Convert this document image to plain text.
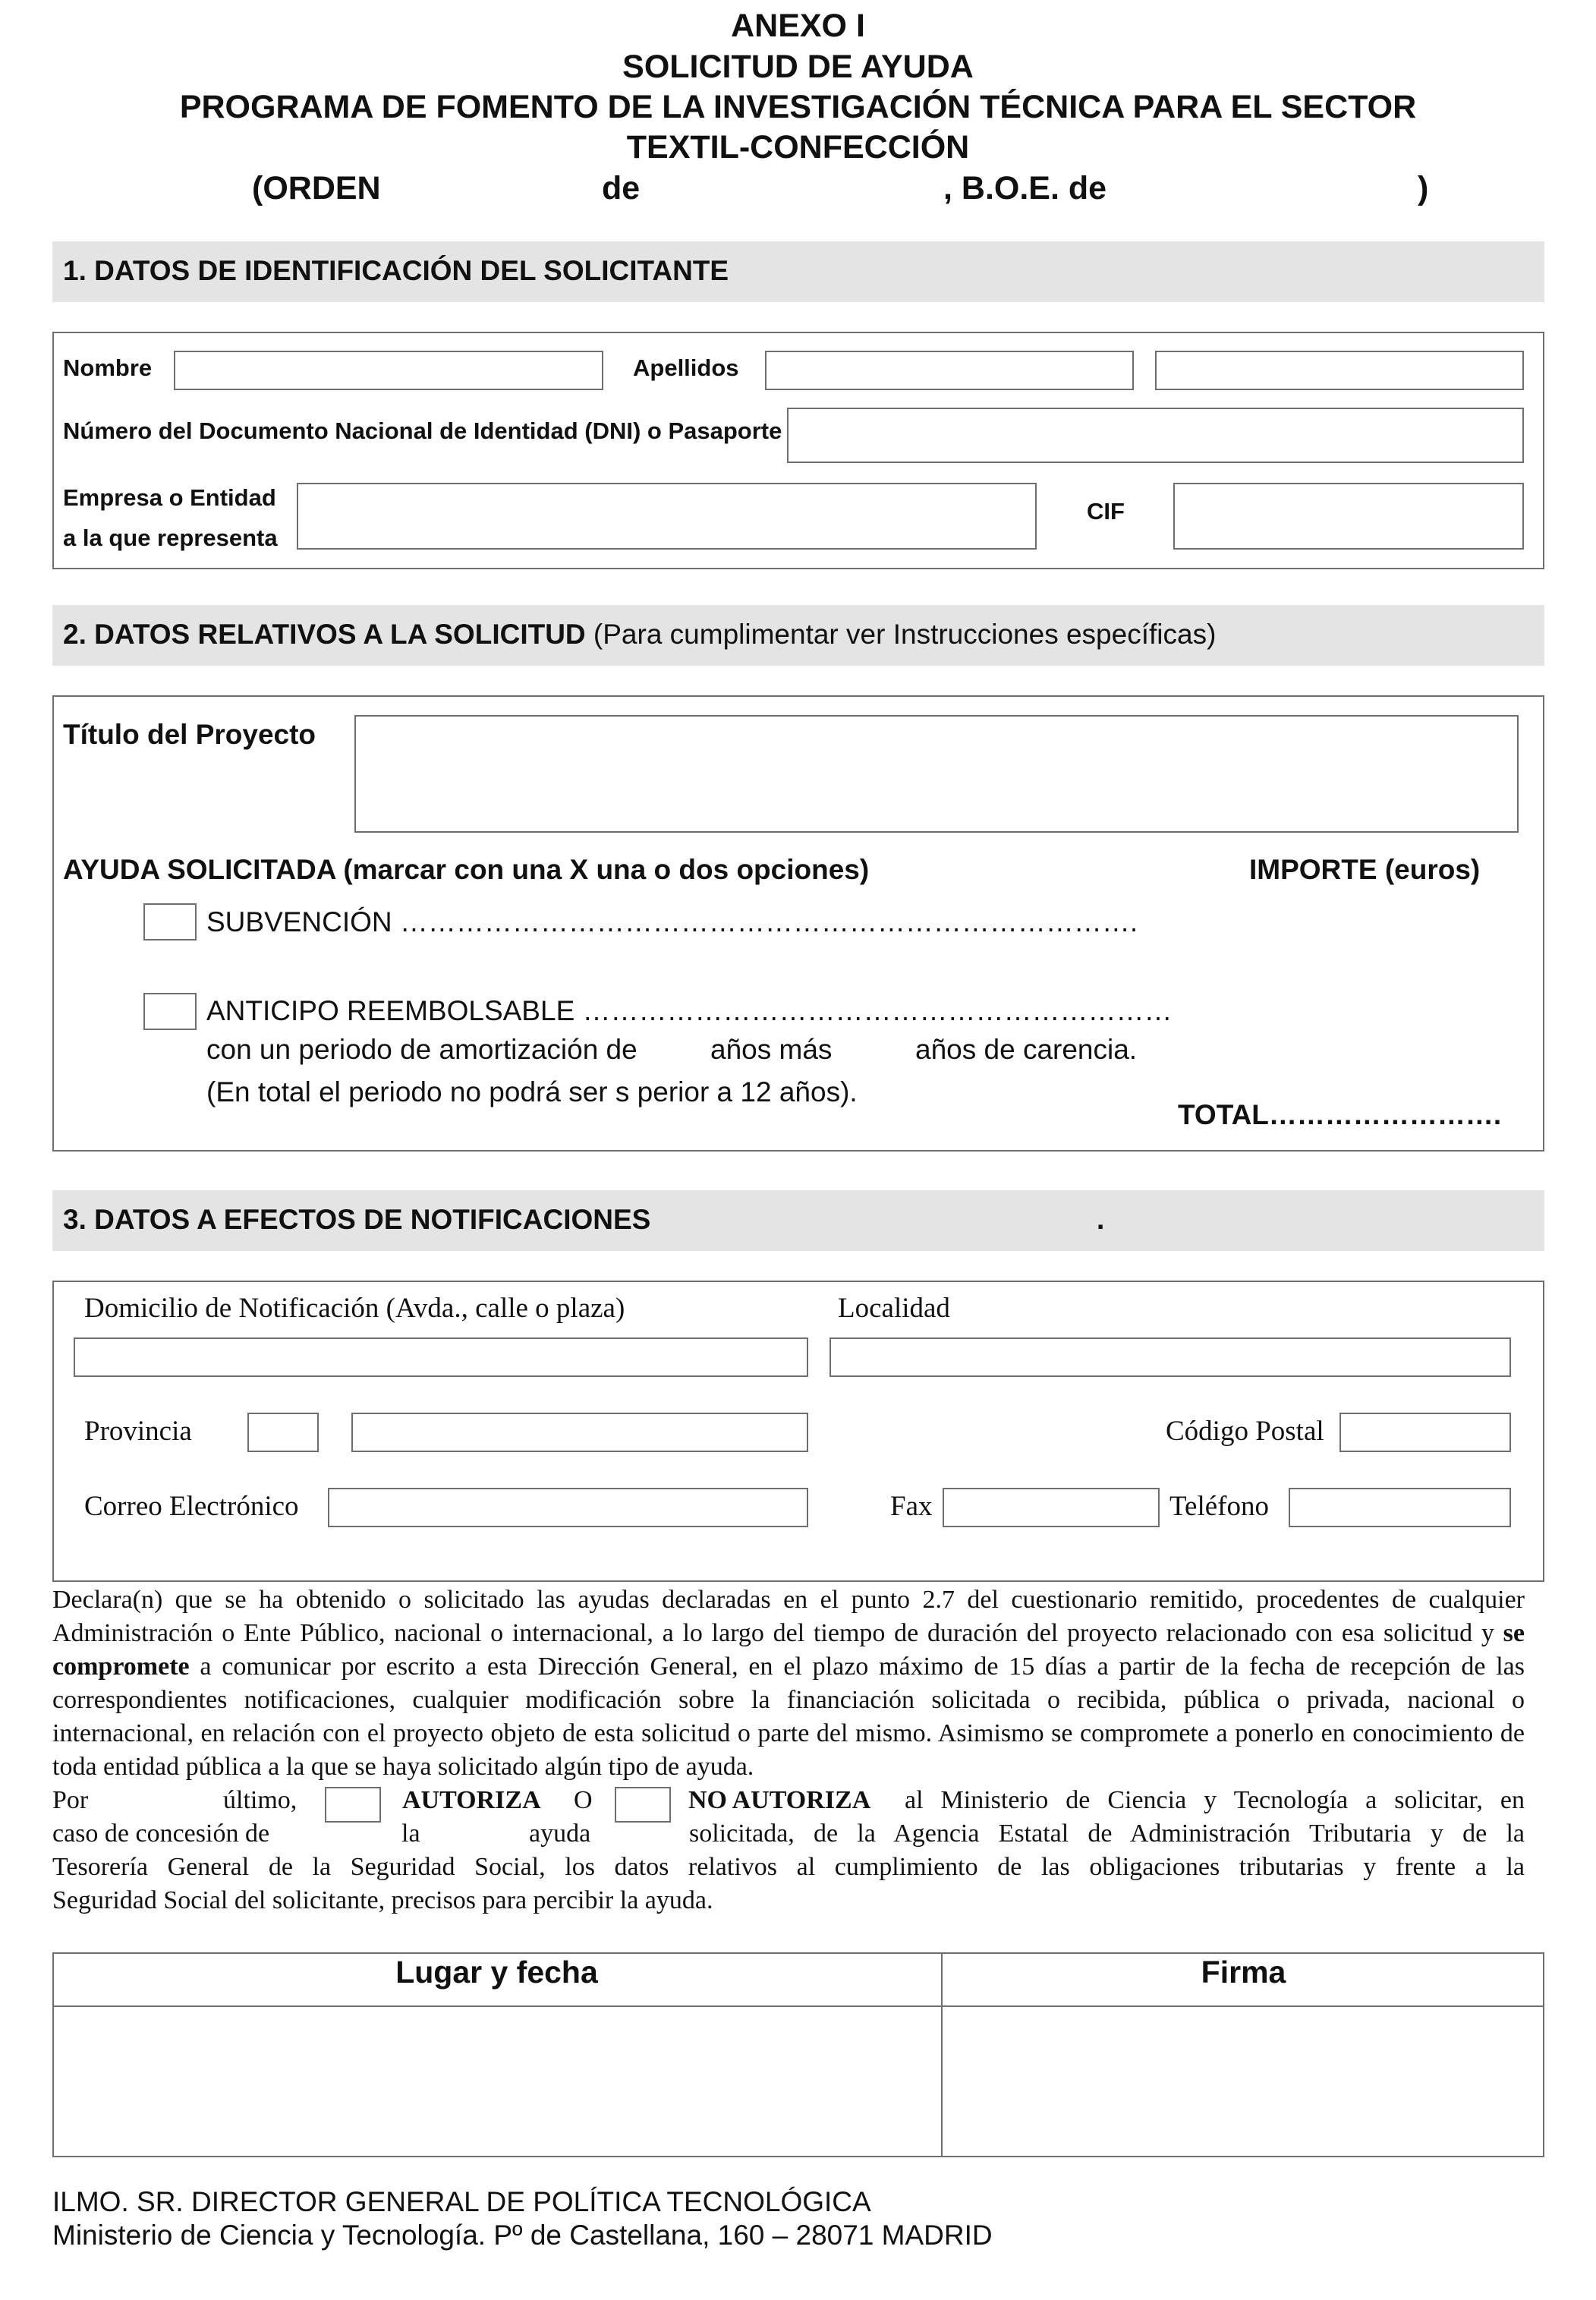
ANEXO I
SOLICITUD DE AYUDA
PROGRAMA DE FOMENTO DE LA INVESTIGACIÓN TÉCNICA PARA EL SECTOR
TEXTIL-CONFECCIÓN
(ORDEN	de	, B.O.E. de	)
1. DATOS DE IDENTIFICACIÓN DEL SOLICITANTE
Nombre	Apellidos
Número del Documento Nacional de Identidad (DNI) o Pasaporte
Empresa o Entidad
a la que representa
CIF
2. DATOS RELATIVOS A LA SOLICITUD (Para cumplimentar ver Instrucciones específicas)
Título del Proyecto
AYUDA SOLICITADA (marcar con una X una o dos opciones)	IMPORTE (euros)
SUBVENCIÓN …………………………………………………………………….
ANTICIPO REEMBOLSABLE ………………………………………………………
con un periodo de amortización de	años más	años de carencia.
(En total el periodo no podrá ser s perior a 12 años).
TOTAL…………………….
3. DATOS A EFECTOS DE NOTIFICACIONES	.
Domicilio de Notificación (Avda., calle o plaza)	Localidad
Provincia	Código Postal
Correo Electrónico	Fax	Teléfono
Declara(n) que se ha obtenido o solicitado las ayudas declaradas en el punto 2.7 del cuestionario remitido, procedentes de cualquier Administración o Ente Público, nacional o internacional, a lo largo del tiempo de duración del proyecto relacionado con esa solicitud y se compromete a comunicar por escrito a esta Dirección General, en el plazo máximo de 15 días a partir de la fecha de recepción de las correspondientes notificaciones, cualquier modificación sobre la financiación solicitada o recibida, pública o privada, nacional o internacional, en relación con el proyecto objeto de esta solicitud o parte del mismo. Asimismo se compromete a ponerlo en conocimiento de toda entidad pública a la que se haya solicitado algún tipo de ayuda.
Por	último,	AUTORIZA O	NO AUTORIZA al Ministerio de Ciencia y Tecnología a solicitar, en
caso de concesión de	la	ayuda	solicitada, de la Agencia Estatal de Administración Tributaria y de la
Tesorería General de la Seguridad Social, los datos relativos al cumplimiento de las obligaciones tributarias y frente a la
Seguridad Social del solicitante, precisos para percibir la ayuda.
Lugar y fecha	Firma
ILMO. SR. DIRECTOR GENERAL DE POLÍTICA TECNOLÓGICA
Ministerio de Ciencia y Tecnología. Pº de Castellana, 160 – 28071 MADRID
